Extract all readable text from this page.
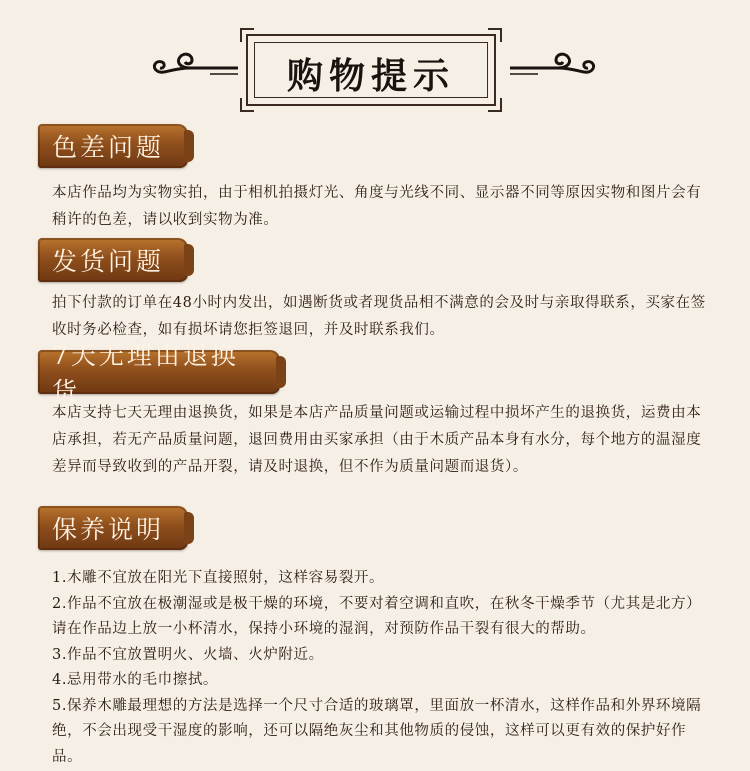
购物提示
色差问题
本店作品均为实物实拍，由于相机拍摄灯光、角度与光线不同、显示器不同等原因实物和图片会有稍许的色差，请以收到实物为准。
发货问题
拍下付款的订单在48小时内发出，如遇断货或者现货品相不满意的会及时与亲取得联系，买家在签收时务必检查，如有损坏请您拒签退回，并及时联系我们。
7天无理由退换货
本店支持七天无理由退换货，如果是本店产品质量问题或运输过程中损坏产生的退换货，运费由本店承担，若无产品质量问题，退回费用由买家承担（由于木质产品本身有水分，每个地方的温湿度差异而导致收到的产品开裂，请及时退换，但不作为质量问题而退货）。
保养说明
1.木雕不宜放在阳光下直接照射，这样容易裂开。
2.作品不宜放在极潮湿或是极干燥的环境，不要对着空调和直吹，在秋冬干燥季节（尤其是北方）请在作品边上放一小杯清水，保持小环境的湿润，对预防作品干裂有很大的帮助。
3.作品不宜放置明火、火墙、火炉附近。
4.忌用带水的毛巾擦拭。
5.保养木雕最理想的方法是选择一个尺寸合适的玻璃罩，里面放一杯清水，这样作品和外界环境隔绝，不会出现受干湿度的影响，还可以隔绝灰尘和其他物质的侵蚀，这样可以更有效的保护好作品。
